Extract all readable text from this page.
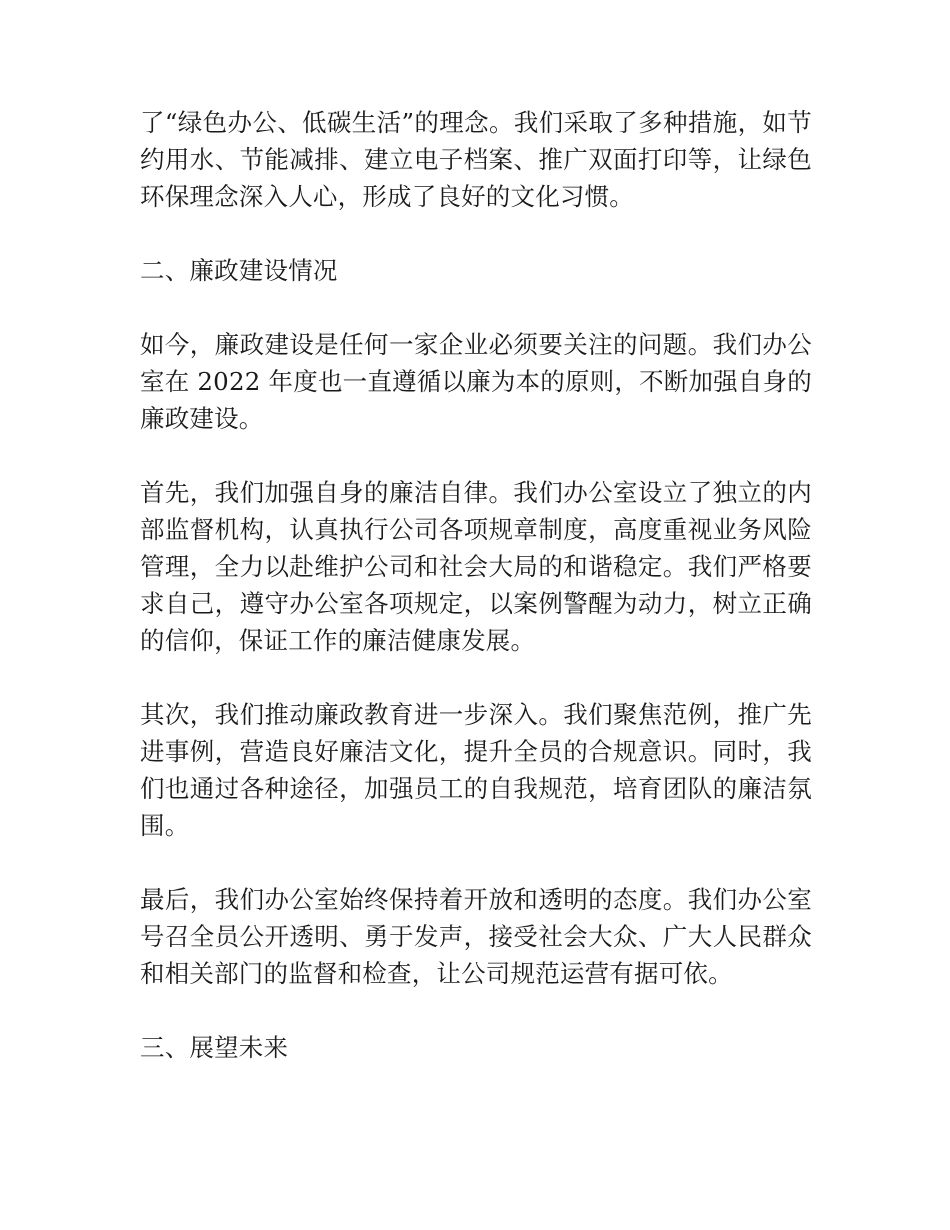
了“绿色办公、低碳生活”的理念。我们采取了多种措施，如节约用水、节能减排、建立电子档案、推广双面打印等，让绿色环保理念深入人心，形成了良好的文化习惯。

二、廉政建设情况

如今，廉政建设是任何一家企业必须要关注的问题。我们办公室在 2022 年度也一直遵循以廉为本的原则，不断加强自身的廉政建设。

首先，我们加强自身的廉洁自律。我们办公室设立了独立的内部监督机构，认真执行公司各项规章制度，高度重视业务风险管理，全力以赴维护公司和社会大局的和谐稳定。我们严格要求自己，遵守办公室各项规定，以案例警醒为动力，树立正确的信仰，保证工作的廉洁健康发展。

其次，我们推动廉政教育进一步深入。我们聚焦范例，推广先进事例，营造良好廉洁文化，提升全员的合规意识。同时，我们也通过各种途径，加强员工的自我规范，培育团队的廉洁氛围。

最后，我们办公室始终保持着开放和透明的态度。我们办公室号召全员公开透明、勇于发声，接受社会大众、广大人民群众和相关部门的监督和检查，让公司规范运营有据可依。

三、展望未来
